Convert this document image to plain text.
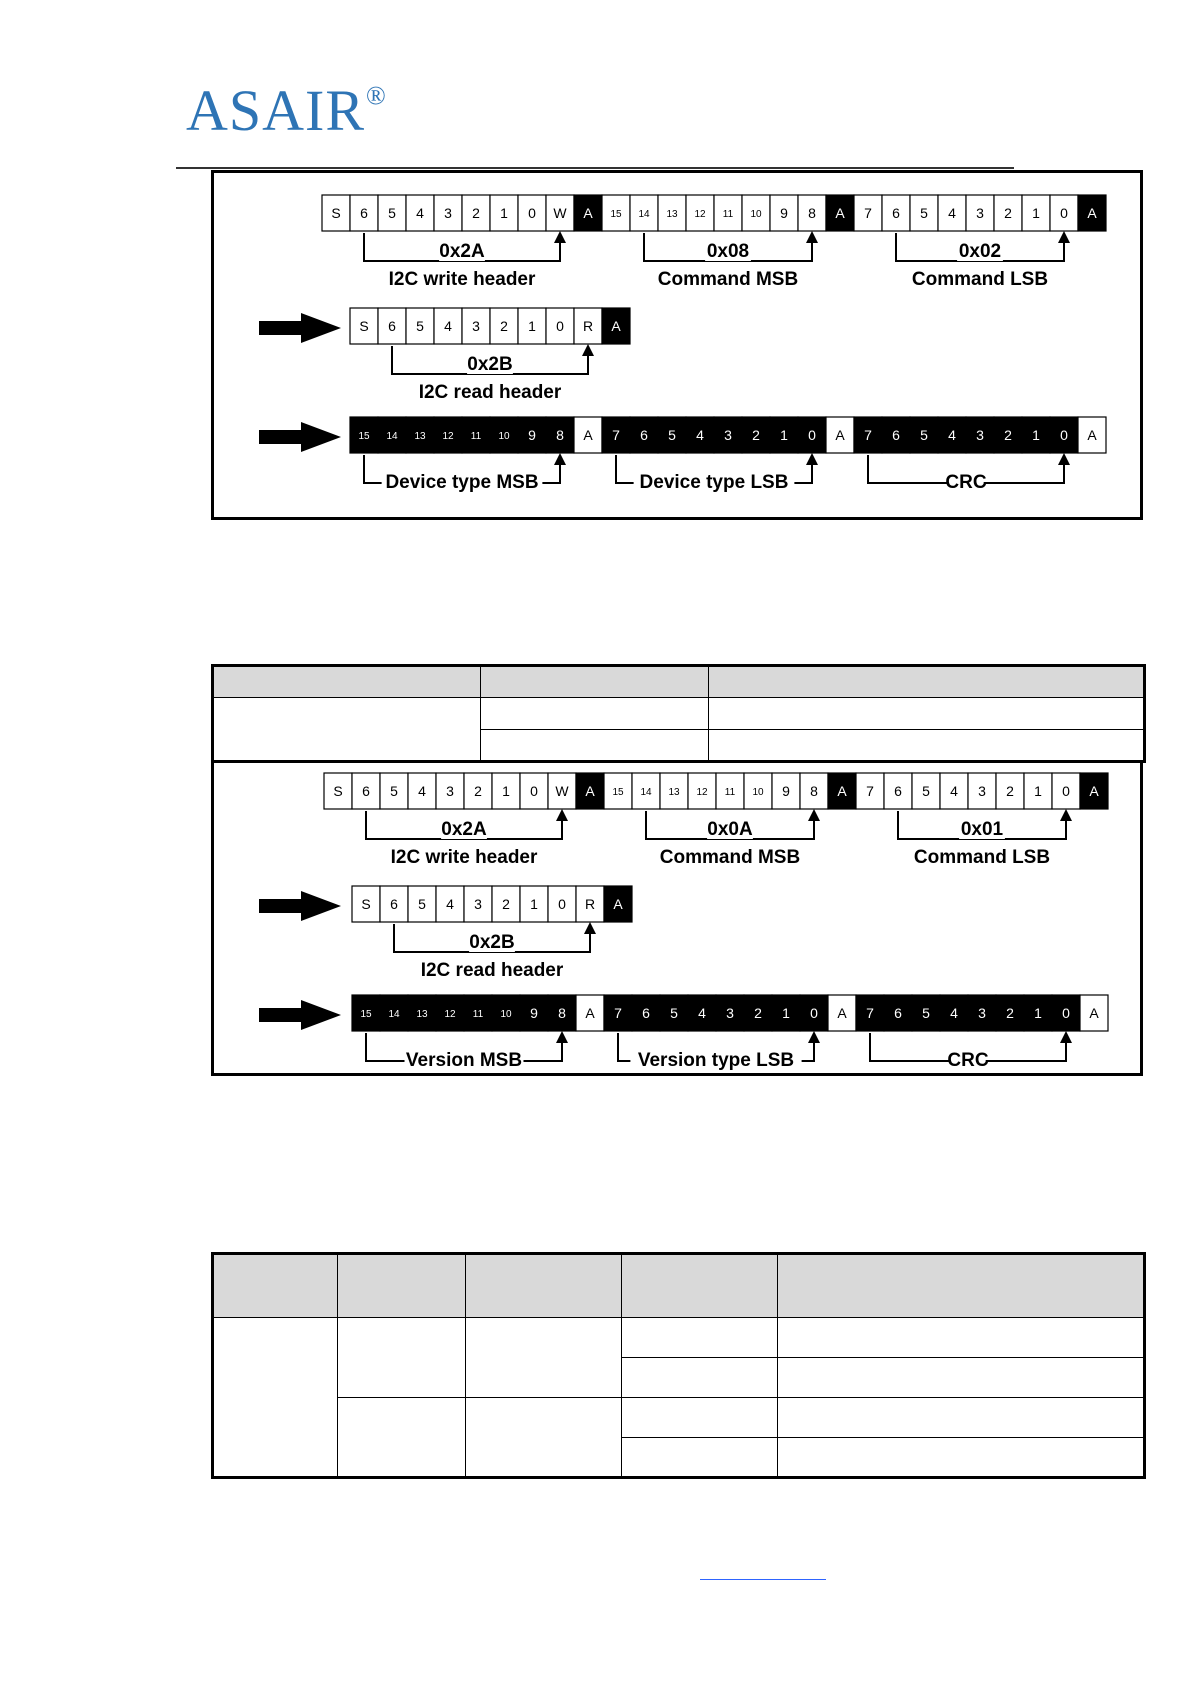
ASAIR®
S 6 5 4 3 2 1 0 W A 15 14 13 12 11 10 9 8 A 7 6 5 4 3 2 1 0 A
0x2A
I2C write header
0x08
Command MSB
0x02
Command LSB
S 6 5 4 3 2 1 0 R A
0x2B
I2C read header
15 14 13 12 11 10 9 8 A 7 6 5 4 3 2 1 0 A 7 6 5 4 3 2 1 0 A
Device type MSB	Device type LSB	CRC

S 6 5 4 3 2 1 0 W A 15 14 13 12 11 10 9 8 A 7 6 5 4 3 2 1 0 A
0x2A
I2C write header
0x0A
Command MSB
0x01
Command LSB
S 6 5 4 3 2 1 0 R A
0x2B
I2C read header
15 14 13 12 11 10 9 8 A 7 6 5 4 3 2 1 0 A 7 6 5 4 3 2 1 0 A
Version MSB	Version type LSB	CRC
